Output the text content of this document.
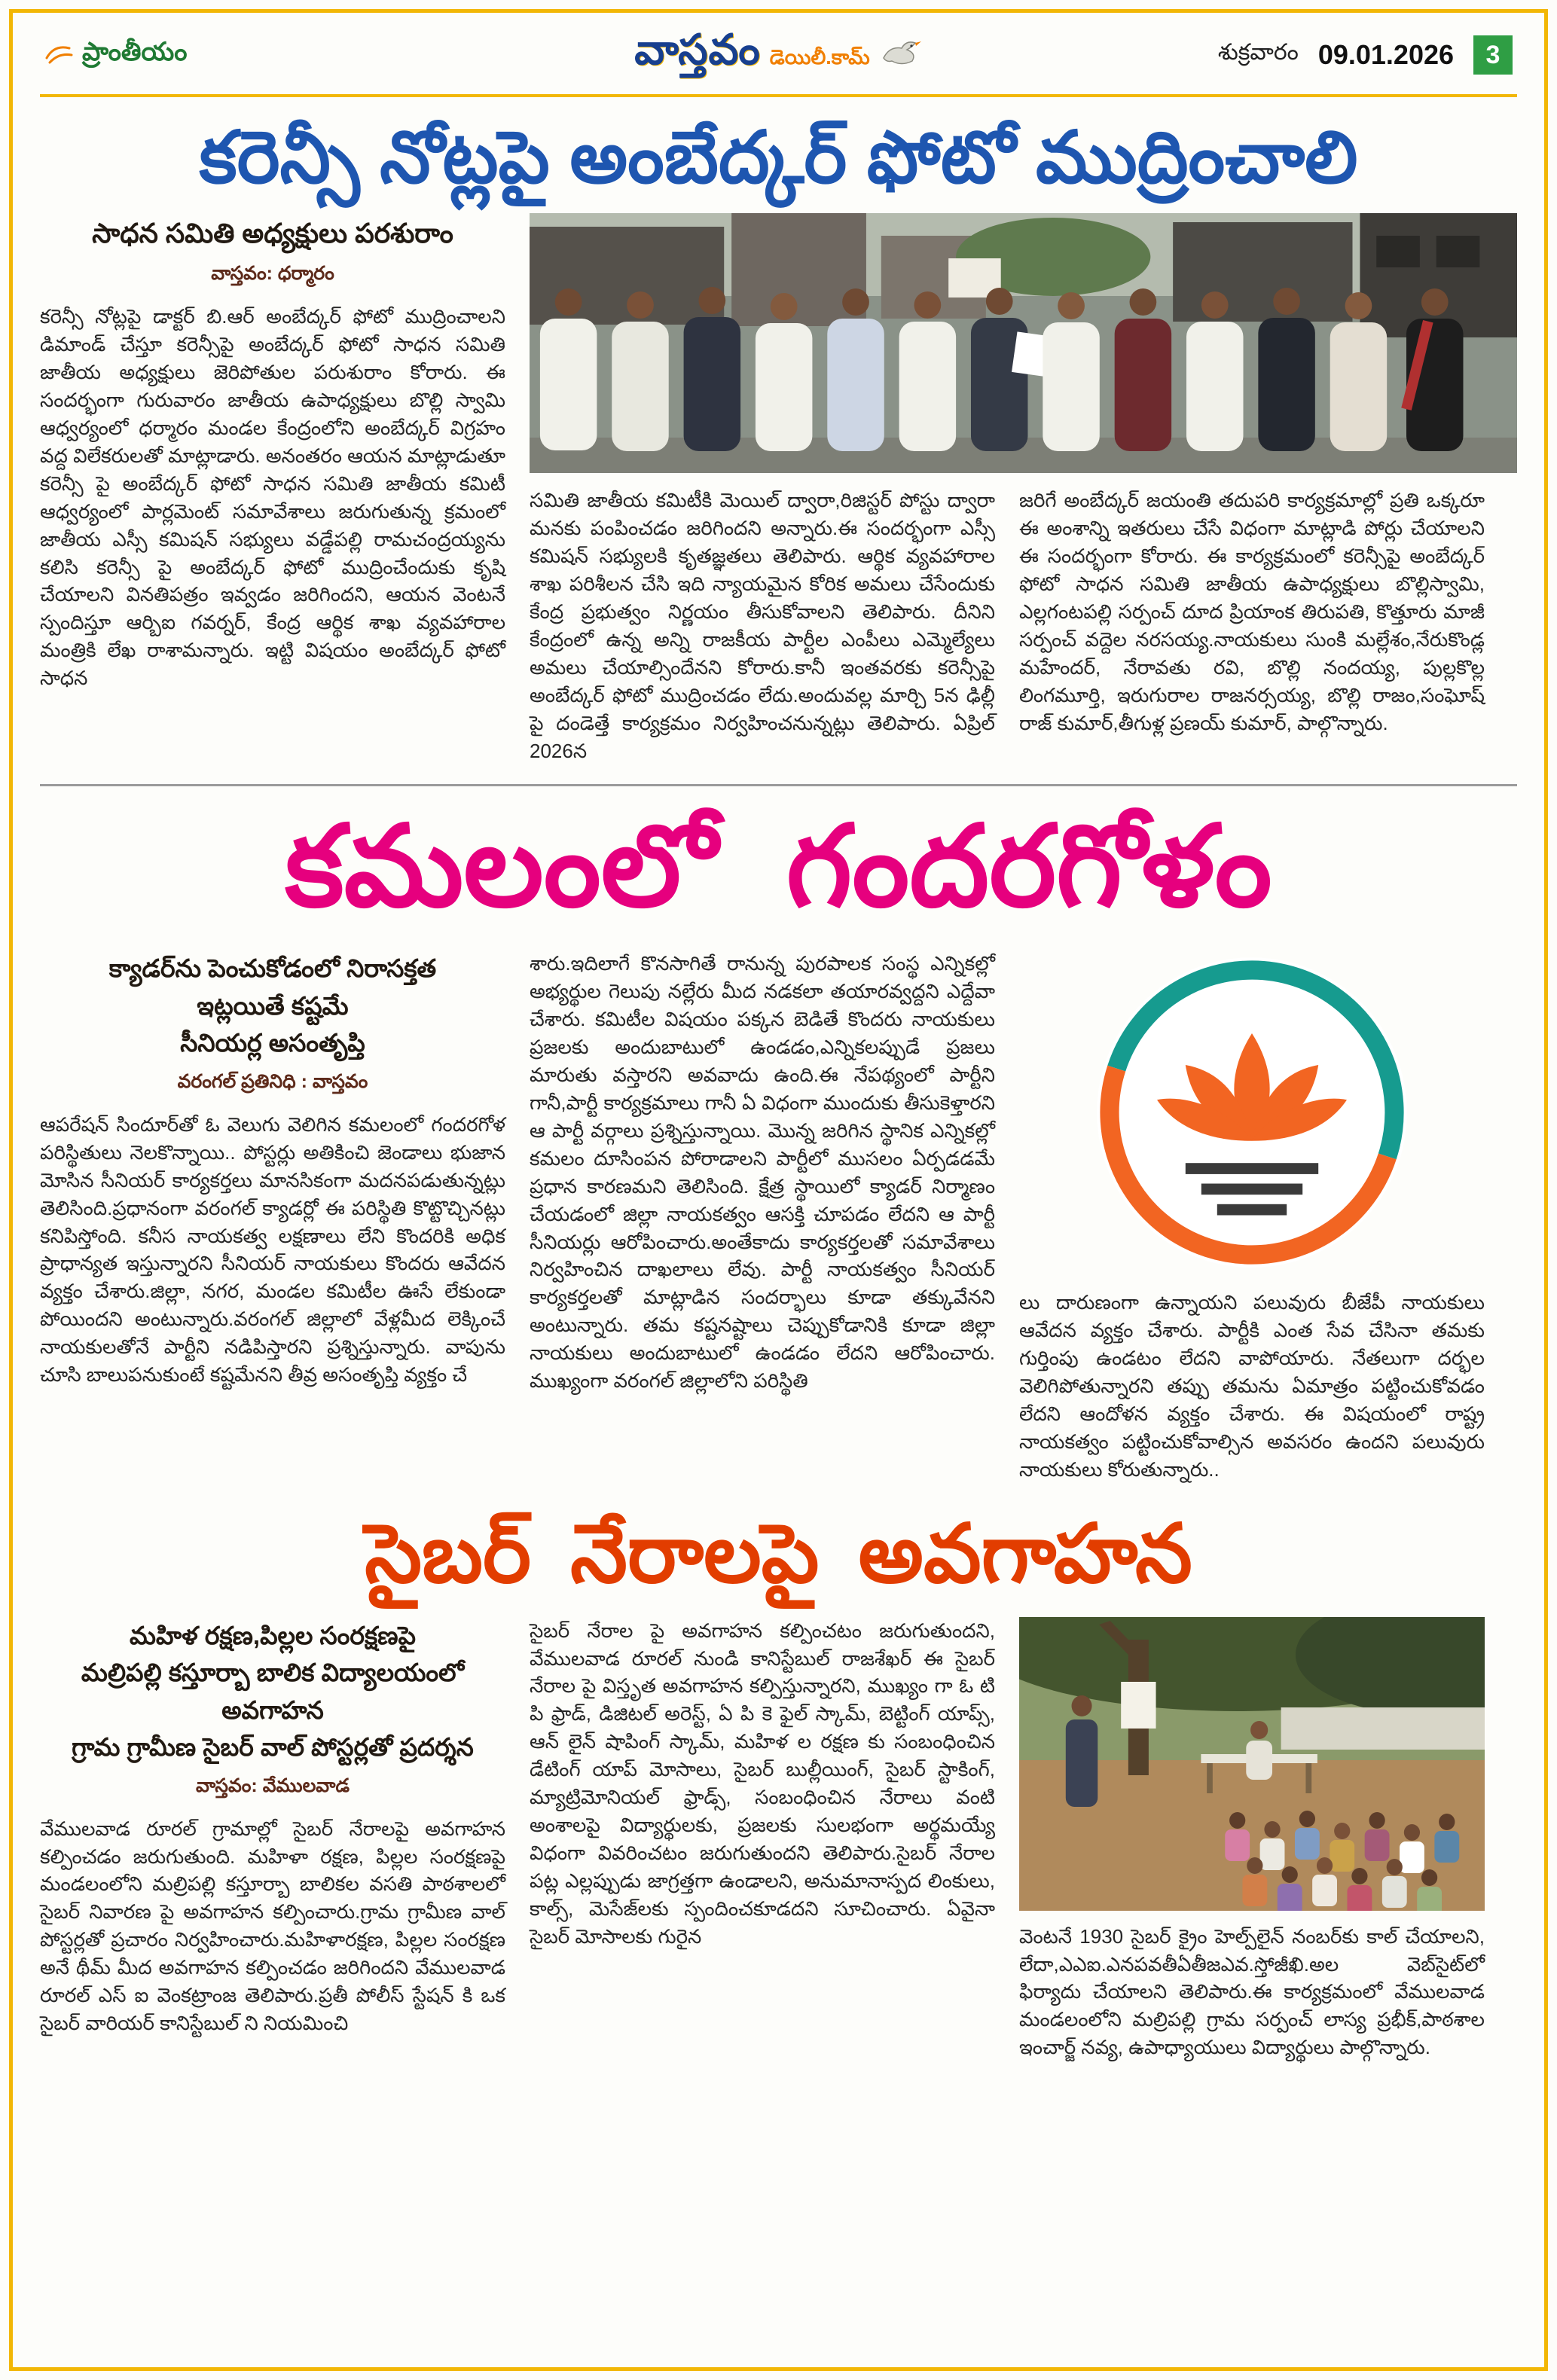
ప్రాంతీయం	వాస్తవం డెయిలీ.కామ్	శుక్రవారం 09.01.2026	3
కరెన్సీ నోట్లపై అంబేద్కర్ ఫోటో ముద్రించాలి
సాధన సమితి అధ్యక్షులు పరశురాం
వాస్తవం: ధర్మారం
కరెన్సీ నోట్లపై డాక్టర్ బి.ఆర్ అంబేద్కర్ ఫోటో ముద్రించాలని డిమాండ్ చేస్తూ కరెన్సీపై అంబేద్కర్ ఫోటో సాధన సమితి జాతీయ అధ్యక్షులు జెరిపోతుల పరుశురాం కోరారు. ఈ సందర్భంగా గురువారం జాతీయ ఉపాధ్యక్షులు బొల్లి స్వామి ఆధ్వర్యంలో ధర్మారం మండల కేంద్రంలోని అంబేద్కర్ విగ్రహం వద్ద విలేకరులతో మాట్లాడారు. అనంతరం ఆయన మాట్లాడుతూ కరెన్సీ పై అంబేద్కర్ ఫోటో సాధన సమితి జాతీయ కమిటీ ఆధ్వర్యంలో పార్లమెంట్ సమావేశాలు జరుగుతున్న క్రమంలో జాతీయ ఎస్సీ కమిషన్ సభ్యులు వడ్డేపల్లి రామచంద్రయ్యను కలిసి కరెన్సీ పై అంబేద్కర్ ఫోటో ముద్రించేందుకు కృషి చేయాలని వినతిపత్రం ఇవ్వడం జరిగిందని, ఆయన వెంటనే స్పందిస్తూ ఆర్బిఐ గవర్నర్, కేంద్ర ఆర్థిక శాఖ వ్యవహారాల మంత్రికి లేఖ రాశామన్నారు. ఇట్టి విషయం అంబేద్కర్ ఫోటో సాధన
సమితి జాతీయ కమిటీకి మెయిల్ ద్వారా,రిజిస్టర్ పోస్టు ద్వారా మనకు పంపించడం జరిగిందని అన్నారు.ఈ సందర్భంగా ఎస్సీ కమిషన్ సభ్యులకి కృతజ్ఞతలు తెలిపారు. ఆర్థిక వ్యవహారాల శాఖ పరిశీలన చేసి ఇది న్యాయమైన కోరిక అమలు చేసేందుకు కేంద్ర ప్రభుత్వం నిర్ణయం తీసుకోవాలని తెలిపారు. దీనిని కేంద్రంలో ఉన్న అన్ని రాజకీయ పార్టీల ఎంపీలు ఎమ్మెల్యేలు అమలు చేయాల్సిందేనని కోరారు.కానీ ఇంతవరకు కరెన్సీపై అంబేద్కర్ ఫోటో ముద్రించడం లేదు.అందువల్ల మార్చి 5న ఢిల్లీ పై దండెత్తే కార్యక్రమం నిర్వహించనున్నట్లు తెలిపారు. ఏప్రిల్ 2026న
జరిగే అంబేద్కర్ జయంతి తదుపరి కార్యక్రమాల్లో ప్రతి ఒక్కరూ ఈ అంశాన్ని ఇతరులు చేసే విధంగా మాట్లాడి పోర్లు చేయాలని ఈ సందర్భంగా కోరారు. ఈ కార్యక్రమంలో కరెన్సీపై అంబేద్కర్ ఫోటో సాధన సమితి జాతీయ ఉపాధ్యక్షులు బొల్లిస్వామి, ఎల్లగంటపల్లి సర్పంచ్ దూద ప్రియాంక తిరుపతి, కొత్తూరు మాజీ సర్పంచ్ వద్దెల నరసయ్య.నాయకులు సుంకి మల్లేశం,నేరుకొండ్ల మహేందర్, నేరావతు రవి, బొల్లి నందయ్య, పుల్లకొల్ల లింగమూర్తి, ఇరుగురాల రాజనర్సయ్య, బొల్లి రాజం,సంఘోష్ రాజ్ కుమార్,తీగుళ్ల ప్రణయ్ కుమార్, పాల్గొన్నారు.
కమలంలో గందరగోళం
క్యాడర్‌ను పెంచుకోడంలో నిరాసక్తత
ఇట్లయితే కష్టమే
సీనియర్ల అసంతృప్తి
వరంగల్ ప్రతినిధి : వాస్తవం
ఆపరేషన్ సిందూర్‌తో ఓ వెలుగు వెలిగిన కమలంలో గందరగోళ పరిస్థితులు నెలకొన్నాయి.. పోస్టర్లు అతికించి జెండాలు భుజాన మోసిన సీనియర్ కార్యకర్తలు మానసికంగా మదనపడుతున్నట్లు తెలిసింది.ప్రధానంగా వరంగల్ క్యాడర్లో ఈ పరిస్థితి కొట్టొచ్చినట్లు కనిపిస్తోంది. కనీస నాయకత్వ లక్షణాలు లేని కొందరికి అధిక ప్రాధాన్యత ఇస్తున్నారని సీనియర్ నాయకులు కొందరు ఆవేదన వ్యక్తం చేశారు.జిల్లా, నగర, మండల కమిటీల ఊసే లేకుండా పోయిందని అంటున్నారు.వరంగల్ జిల్లాలో వేళ్లమీద లెక్కించే నాయకులతోనే పార్టీని నడిపిస్తారని ప్రశ్నిస్తున్నారు. వాపును చూసి బాలుపనుకుంటే కష్టమేనని తీవ్ర అసంతృప్తి వ్యక్తం చే
శారు.ఇదిలాగే కొనసాగితే రానున్న పురపాలక సంస్థ ఎన్నికల్లో అభ్యర్థుల గెలుపు నల్లేరు మీద నడకలా తయారవ్వద్దని ఎద్దేవా చేశారు. కమిటీల విషయం పక్కన బెడితే కొందరు నాయకులు ప్రజలకు అందుబాటులో ఉండడం,ఎన్నికలప్పుడే ప్రజలు మారుతు వస్తారని అవవాదు ఉంది.ఈ నేపథ్యంలో పార్టీని గానీ,పార్టీ కార్యక్రమాలు గానీ ఏ విధంగా ముందుకు తీసుకెళ్తారని ఆ పార్టీ వర్గాలు ప్రశ్నిస్తున్నాయి. మొన్న జరిగిన స్థానిక ఎన్నికల్లో కమలం దూసింపన పోరాడాలని పార్టీలో ముసలం ఏర్పడడమే ప్రధాన కారణమని తెలిసింది. క్షేత్ర స్థాయిలో క్యాడర్ నిర్మాణం చేయడంలో జిల్లా నాయకత్వం ఆసక్తి చూపడం లేదని ఆ పార్టీ సీనియర్లు ఆరోపించారు.అంతేకాదు కార్యకర్తలతో సమావేశాలు నిర్వహించిన దాఖలాలు లేవు. పార్టీ నాయకత్వం సీనియర్ కార్యకర్తలతో మాట్లాడిన సందర్భాలు కూడా తక్కువేనని అంటున్నారు. తమ కష్టనష్టాలు చెప్పుకోడానికి కూడా జిల్లా నాయకులు అందుబాటులో ఉండడం లేదని ఆరోపించారు. ముఖ్యంగా వరంగల్ జిల్లాలోని పరిస్థితి
లు దారుణంగా ఉన్నాయని పలువురు బీజేపీ నాయకులు ఆవేదన వ్యక్తం చేశారు. పార్టీకి ఎంత సేవ చేసినా తమకు గుర్తింపు ఉండటం లేదని వాపోయారు. నేతలుగా దర్భల వెలిగిపోతున్నారని తప్పు తమను ఏమాత్రం పట్టించుకోవడం లేదని ఆందోళన వ్యక్తం చేశారు. ఈ విషయంలో రాష్ట్ర నాయకత్వం పట్టించుకోవాల్సిన అవసరం ఉందని పలువురు నాయకులు కోరుతున్నారు..
సైబర్ నేరాలపై అవగాహన
మహిళ రక్షణ,పిల్లల సంరక్షణపై
మల్రిపల్లి కస్తూర్బా బాలిక విద్యాలయంలో అవగాహన
గ్రామ గ్రామీణ సైబర్ వాల్ పోస్టర్లతో ప్రదర్శన
వాస్తవం: వేములవాడ
వేములవాడ రూరల్ గ్రామాల్లో సైబర్ నేరాలపై అవగాహన కల్పించడం జరుగుతుంది. మహిళా రక్షణ, పిల్లల సంరక్షణపై మండలంలోని మల్రిపల్లి కస్తూర్బా బాలికల వసతి పాఠశాలలో సైబర్ నివారణ పై అవగాహన కల్పించారు.గ్రామ గ్రామీణ వాల్ పోస్టర్లతో ప్రచారం నిర్వహించారు.మహిళారక్షణ, పిల్లల సంరక్షణ అనే థీమ్ మీద అవగాహన కల్పించడం జరిగిందని వేములవాడ రూరల్ ఎస్ ఐ వెంకట్రాంజ తెలిపారు.ప్రతీ పోలీస్ స్టేషన్ కి ఒక సైబర్ వారియర్ కానిస్టేబుల్ ని నియమించి
సైబర్ నేరాల పై అవగాహన కల్పించటం జరుగుతుందని, వేములవాడ రూరల్ నుండి కానిస్టేబుల్ రాజశేఖర్ ఈ సైబర్ నేరాల పై విస్తృత అవగాహన కల్పిస్తున్నారని, ముఖ్యం గా ఓ టి పి ఫ్రాడ్, డిజిటల్ అరెస్ట్, ఏ పి కె ఫైల్ స్కామ్, బెట్టింగ్ యాప్స్, ఆన్ లైన్ షాపింగ్ స్కామ్, మహిళ ల రక్షణ కు సంబంధించిన డేటింగ్ యాప్ మోసాలు, సైబర్ బుల్లీయింగ్, సైబర్ స్టాకింగ్, మ్యాట్రిమోనియల్ ఫ్రాడ్స్, సంబంధించిన నేరాలు వంటి అంశాలపై విద్యార్థులకు, ప్రజలకు సులభంగా అర్థమయ్యే విధంగా వివరించటం జరుగుతుందని తెలిపారు.సైబర్ నేరాల పట్ల ఎల్లప్పుడు జాగ్రత్తగా ఉండాలని, అనుమానాస్పద లింకులు, కాల్స్, మెసేజ్‌లకు స్పందించకూడదని సూచించారు. ఏవైనా సైబర్ మోసాలకు గురైన	వెంటనే 1930 సైబర్ క్రైం హెల్ప్‌లైన్ నంబర్‌కు కాల్ చేయాలని, లేదా,ఎఎఐ.ఎనపవతీఏతీజఎవ.స్తోజీఖి.అల వెబ్‌సైట్‌లో ఫిర్యాదు చేయాలని తెలిపారు.ఈ కార్యక్రమంలో వేములవాడ మండలంలోని మల్రిపల్లి గ్రామ సర్పంచ్ లాస్య ప్రభీక్,పాఠశాల ఇంచార్జ్ నవ్య, ఉపాధ్యాయులు విద్యార్థులు పాల్గొన్నారు.
